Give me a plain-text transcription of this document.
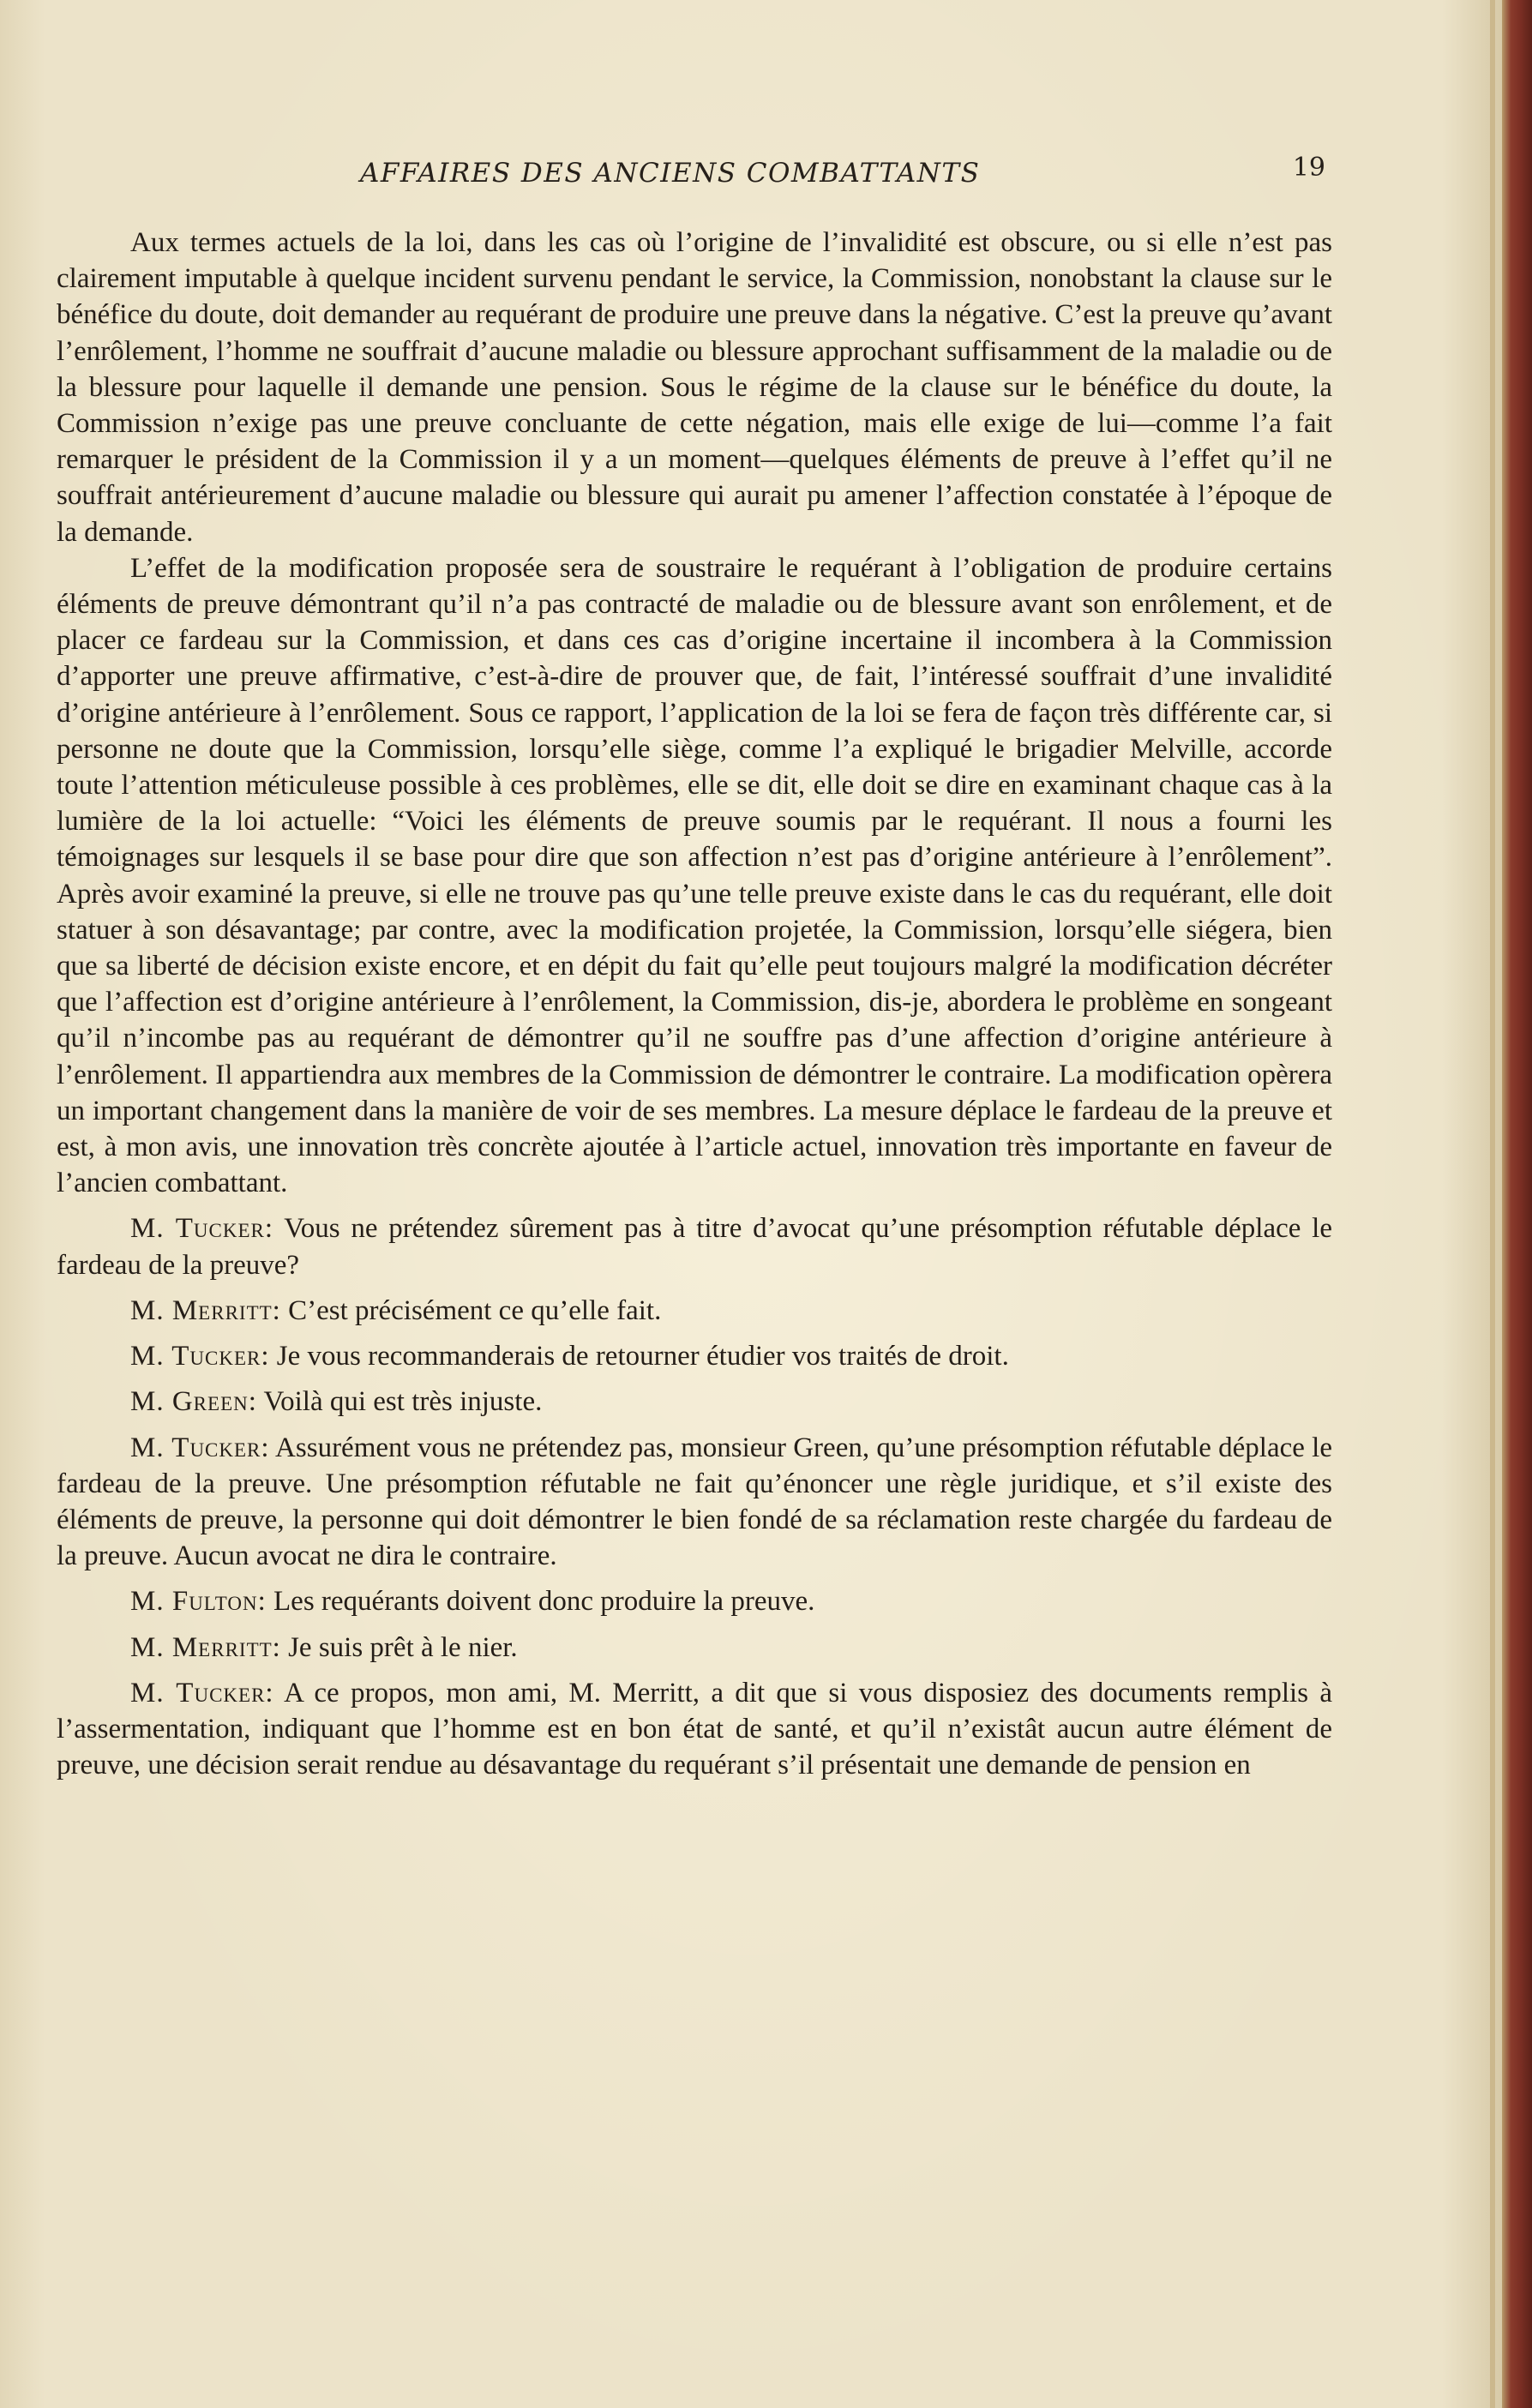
AFFAIRES DES ANCIENS COMBATTANTS	19

Aux termes actuels de la loi, dans les cas où l’origine de l’invalidité est obscure, ou si elle n’est pas clairement imputable à quelque incident survenu pendant le service, la Commission, nonobstant la clause sur le bénéfice du doute, doit demander au requérant de produire une preuve dans la négative. C’est la preuve qu’avant l’enrôlement, l’homme ne souffrait d’aucune maladie ou blessure approchant suffisamment de la maladie ou de la blessure pour laquelle il demande une pension. Sous le régime de la clause sur le bénéfice du doute, la Commission n’exige pas une preuve concluante de cette négation, mais elle exige de lui—comme l’a fait remarquer le président de la Commission il y a un moment—quelques éléments de preuve à l’effet qu’il ne souffrait antérieurement d’aucune maladie ou blessure qui aurait pu amener l’affection constatée à l’époque de la demande.

L’effet de la modification proposée sera de soustraire le requérant à l’obligation de produire certains éléments de preuve démontrant qu’il n’a pas contracté de maladie ou de blessure avant son enrôlement, et de placer ce fardeau sur la Commission, et dans ces cas d’origine incertaine il incombera à la Commission d’apporter une preuve affirmative, c’est-à-dire de prouver que, de fait, l’intéressé souffrait d’une invalidité d’origine antérieure à l’enrôlement. Sous ce rapport, l’application de la loi se fera de façon très différente car, si personne ne doute que la Commission, lorsqu’elle siège, comme l’a expliqué le brigadier Melville, accorde toute l’attention méticuleuse possible à ces problèmes, elle se dit, elle doit se dire en examinant chaque cas à la lumière de la loi actuelle: “Voici les éléments de preuve soumis par le requérant. Il nous a fourni les témoignages sur lesquels il se base pour dire que son affection n’est pas d’origine antérieure à l’enrôlement”. Après avoir examiné la preuve, si elle ne trouve pas qu’une telle preuve existe dans le cas du requérant, elle doit statuer à son désavantage; par contre, avec la modification projetée, la Commission, lorsqu’elle siégera, bien que sa liberté de décision existe encore, et en dépit du fait qu’elle peut toujours malgré la modification décréter que l’affection est d’origine antérieure à l’enrôlement, la Commission, dis-je, abordera le problème en songeant qu’il n’incombe pas au requérant de démontrer qu’il ne souffre pas d’une affection d’origine antérieure à l’enrôlement. Il appartiendra aux membres de la Commission de démontrer le contraire. La modification opèrera un important changement dans la manière de voir de ses membres. La mesure déplace le fardeau de la preuve et est, à mon avis, une innovation très concrète ajoutée à l’article actuel, innovation très importante en faveur de l’ancien combattant.

M. Tucker: Vous ne prétendez sûrement pas à titre d’avocat qu’une présomption réfutable déplace le fardeau de la preuve?

M. Merritt: C’est précisément ce qu’elle fait.

M. Tucker: Je vous recommanderais de retourner étudier vos traités de droit.

M. Green: Voilà qui est très injuste.

M. Tucker: Assurément vous ne prétendez pas, monsieur Green, qu’une présomption réfutable déplace le fardeau de la preuve. Une présomption réfutable ne fait qu’énoncer une règle juridique, et s’il existe des éléments de preuve, la personne qui doit démontrer le bien fondé de sa réclamation reste chargée du fardeau de la preuve. Aucun avocat ne dira le contraire.

M. Fulton: Les requérants doivent donc produire la preuve.

M. Merritt: Je suis prêt à le nier.

M. Tucker: A ce propos, mon ami, M. Merritt, a dit que si vous disposiez des documents remplis à l’assermentation, indiquant que l’homme est en bon état de santé, et qu’il n’existât aucun autre élément de preuve, une décision serait rendue au désavantage du requérant s’il présentait une demande de pension en
